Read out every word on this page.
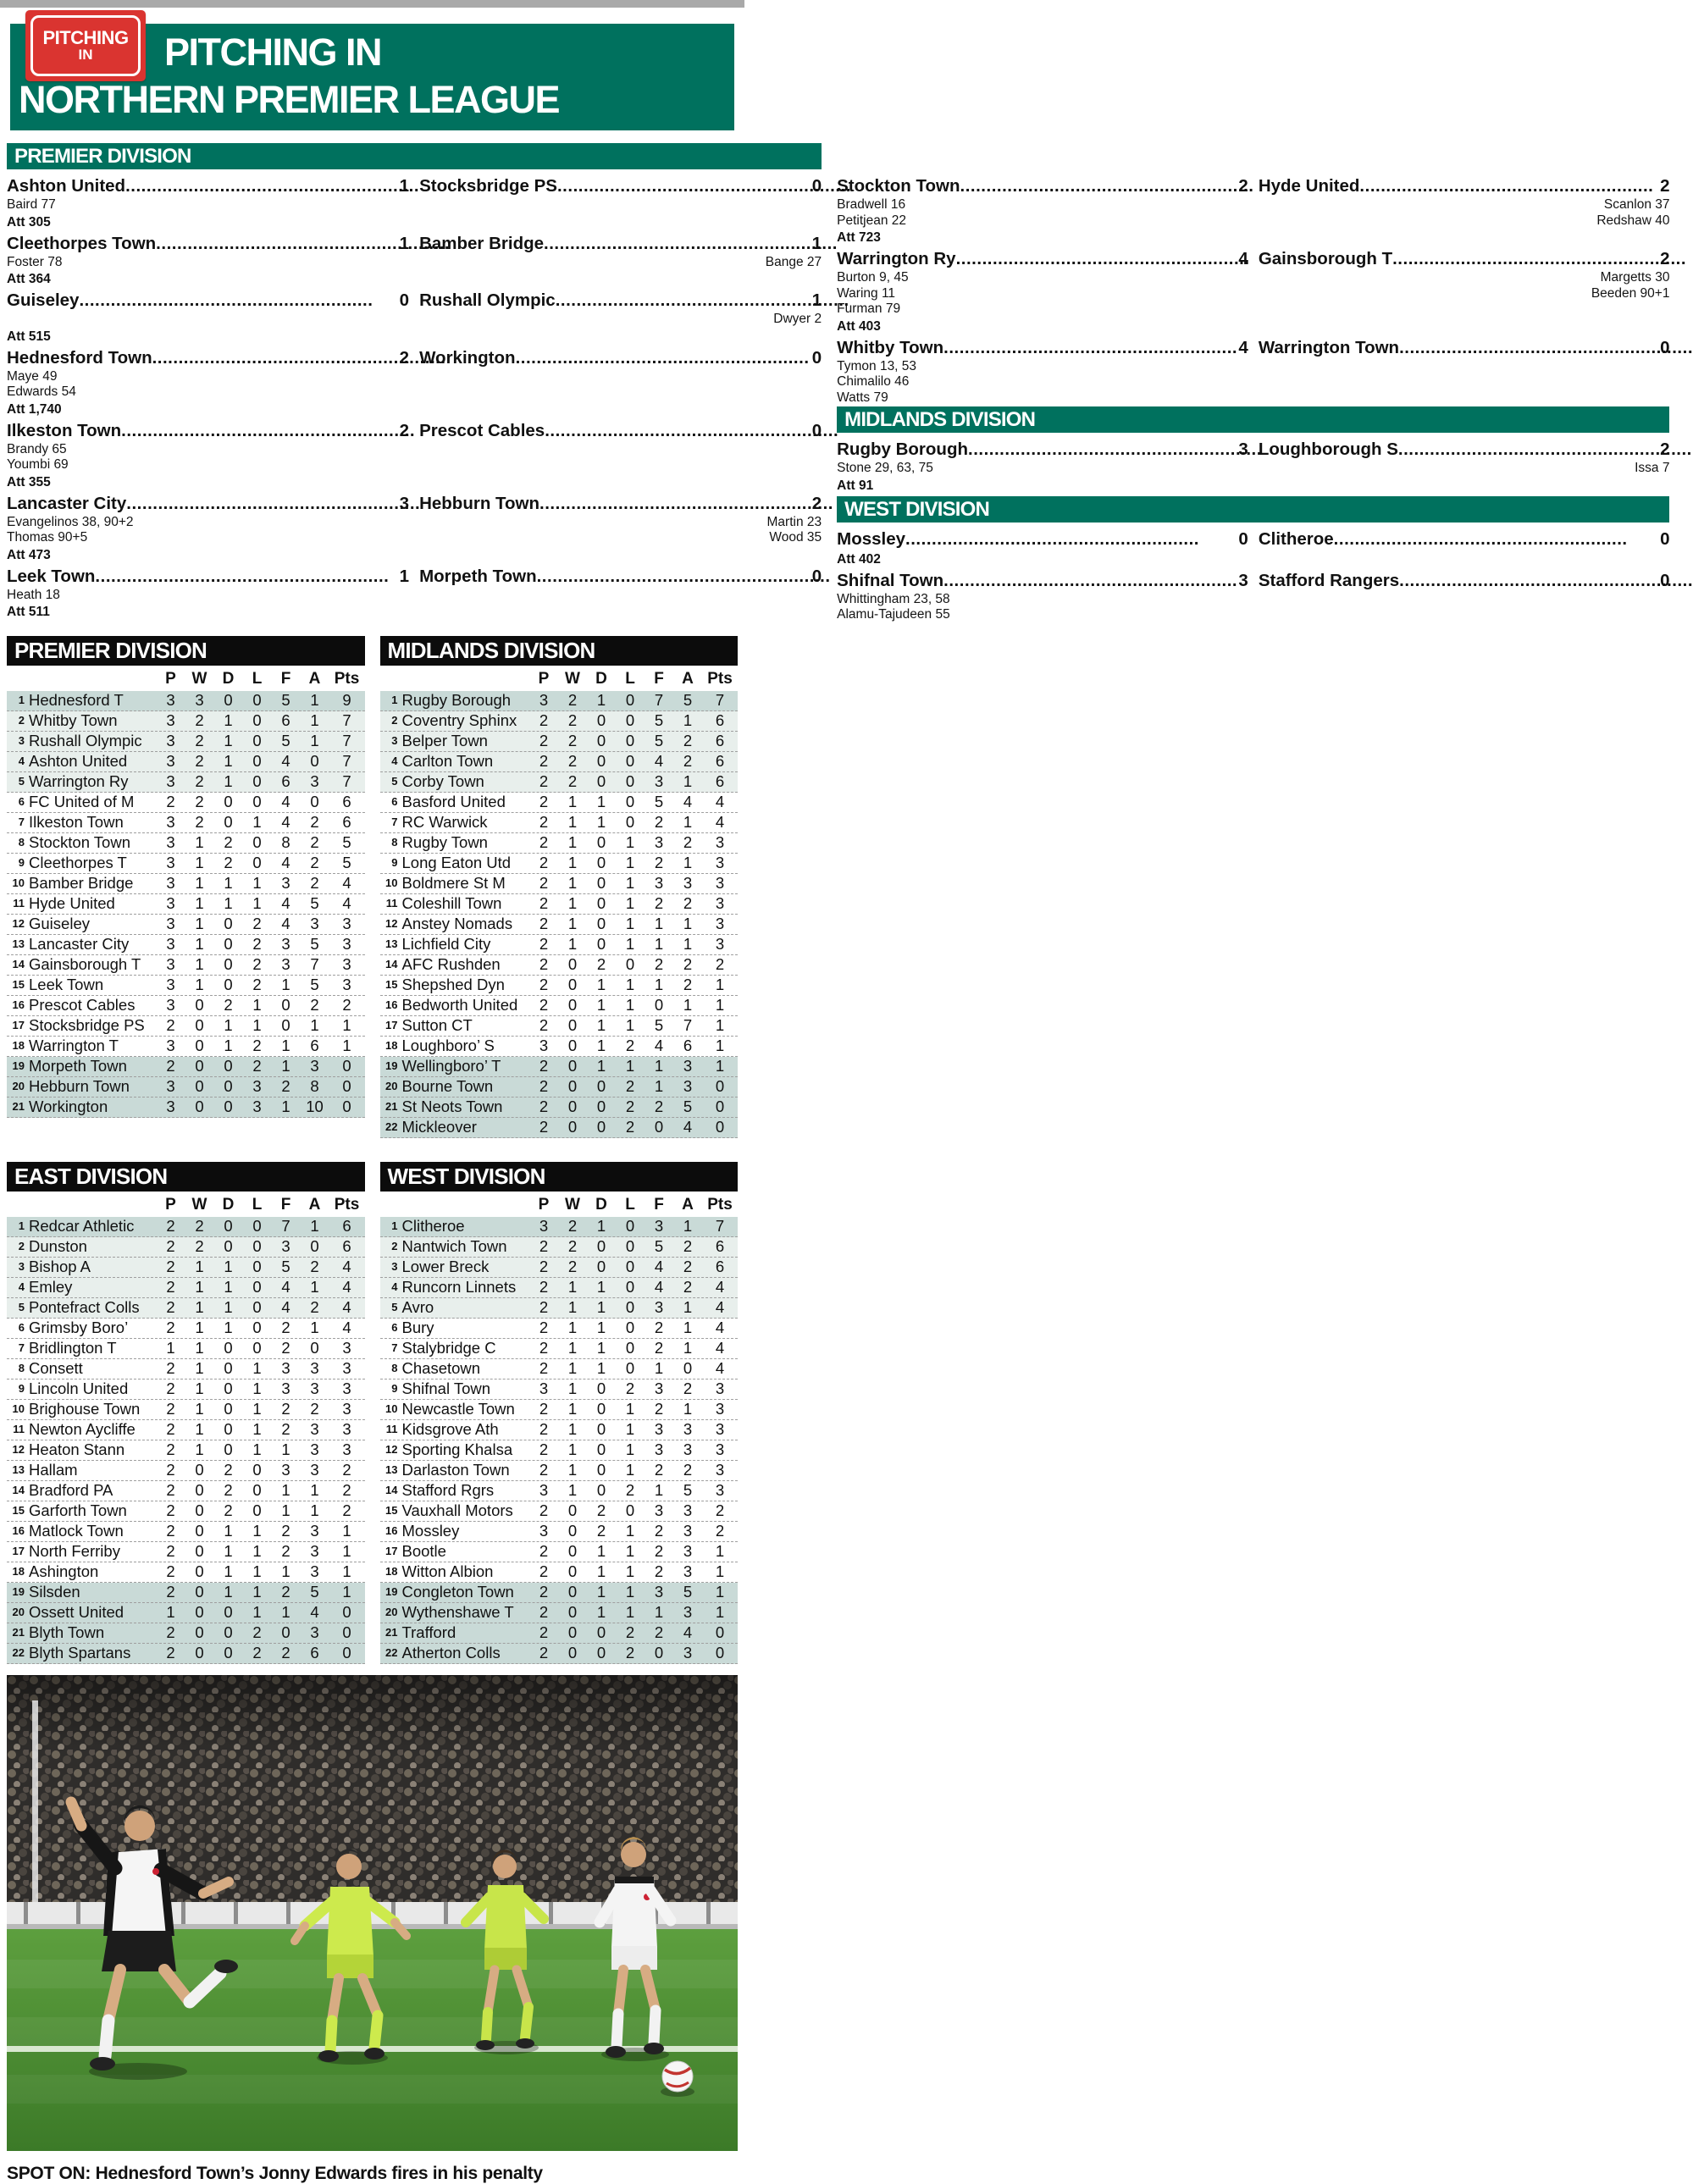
PITCHING
IN PITCHING IN
NORTHERN PREMIER LEAGUE
PREMIER DIVISION
Ashton United .....	1 Stocksbridge PS .....	0
Baird 77
Att 305
Cleethorpes Town .....	1 Bamber Bridge .....	1
Foster 78	Bange 27
Att 364
Guiseley .....	0 Rushall Olympic .....	1
Dwyer 2
Att 515
Hednesford Town .....	2 Workington .....	0
Maye 49
Edwards 54
Att 1,740
Ilkeston Town .....	2 Prescot Cables .....	0
Brandy 65
Youmbi 69
Att 355
Lancaster City .....	3 Hebburn Town .....	2
Evangelinos 38, 90+2
Thomas 90+5
Martin 23
Wood 35
Att 473
Leek Town .....	1 Morpeth Town .....	0
Heath 18
Att 511
Stockton Town .....	2 Hyde United .....	2
Bradwell 16
Petitjean 22
Scanlon 37
Redshaw 40
Att 723
Warrington Ry .....	4 Gainsborough T .....	2
Burton 9, 45
Waring 11
Furman 79
Margetts 30
Beeden 90+1
Att 403
Whitby Town .....	4 Warrington Town .....	0
Tymon 13, 53
Chimalilo 46
Watts 79
MIDLANDS DIVISION
Rugby Borough .....	3 Loughborough S .....	2
Stone 29, 63, 75	Issa 7
Att 91
WEST DIVISION
Mossley .....	0 Clitheroe .....	0
Att 402
Shifnal Town .....	3 Stafford Rangers .....	0
Whittingham 23, 58
Alamu-Tajudeen 55
PREMIER DIVISION
P W D	L	F	A Pts
1 Hednesford T	3	3	0	0	5	1	9
2 Whitby Town	3	2	1	0	6	1	7
3 Rushall Olympic	3	2	1	0	5	1	7
4 Ashton United	3	2	1	0	4	0	7
5 Warrington Ry	3	2	1	0	6	3	7
6 FC United of M	2	2	0	0	4	0	6
7 Ilkeston Town	3	2	0	1	4	2	6
8 Stockton Town	3	1	2	0	8	2	5
9 Cleethorpes T	3	1	2	0	4	2	5
10 Bamber Bridge	3	1	1	1	3	2	4
11 Hyde United	3	1	1	1	4	5	4
12 Guiseley	3	1	0	2	4	3	3
13 Lancaster City	3	1	0	2	3	5	3
14 Gainsborough T	3	1	0	2	3	7	3
15 Leek Town	3	1	0	2	1	5	3
16 Prescot Cables	3	0	2	1	0	2	2
17 Stocksbridge PS	2	0	1	1	0	1	1
18 Warrington T	3	0	1	2	1	6	1
19 Morpeth Town	2	0	0	2	1	3	0
20 Hebburn Town	3	0	0	3	2	8	0
21 Workington	3	0	0	3	1	10	0
MIDLANDS DIVISION
P W D	L	F	A Pts
1 Rugby Borough	3	2	1	0	7	5	7
2 Coventry Sphinx	2	2	0	0	5	1	6
3 Belper Town	2	2	0	0	5	2	6
4 Carlton Town	2	2	0	0	4	2	6
5 Corby Town	2	2	0	0	3	1	6
6 Basford United	2	1	1	0	5	4	4
7 RC Warwick	2	1	1	0	2	1	4
8 Rugby Town	2	1	0	1	3	2	3
9 Long Eaton Utd	2	1	0	1	2	1	3
10 Boldmere St M	2	1	0	1	3	3	3
11 Coleshill Town	2	1	0	1	2	2	3
12 Anstey Nomads	2	1	0	1	1	1	3
13 Lichfield City	2	1	0	1	1	1	3
14 AFC Rushden	2	0	2	0	2	2	2
15 Shepshed Dyn	2	0	1	1	1	2	1
16 Bedworth United	2	0	1	1	0	1	1
17 Sutton CT	2	0	1	1	5	7	1
18 Loughboro’ S	3	0	1	2	4	6	1
19 Wellingboro’ T	2	0	1	1	1	3	1
20 Bourne Town	2	0	0	2	1	3	0
21 St Neots Town	2	0	0	2	2	5	0
22 Mickleover	2	0	0	2	0	4	0
EAST DIVISION
P W D	L	F	A Pts
1 Redcar Athletic	2	2	0	0	7	1	6
2 Dunston	2	2	0	0	3	0	6
3 Bishop A	2	1	1	0	5	2	4
4 Emley	2	1	1	0	4	1	4
5 Pontefract Colls	2	1	1	0	4	2	4
6 Grimsby Boro’	2	1	1	0	2	1	4
7 Bridlington T	1	1	0	0	2	0	3
8 Consett	2	1	0	1	3	3	3
9 Lincoln United	2	1	0	1	3	3	3
10 Brighouse Town	2	1	0	1	2	2	3
11 Newton Aycliffe	2	1	0	1	2	3	3
12 Heaton Stann	2	1	0	1	1	3	3
13 Hallam	2	0	2	0	3	3	2
14 Bradford PA	2	0	2	0	1	1	2
15 Garforth Town	2	0	2	0	1	1	2
16 Matlock Town	2	0	1	1	2	3	1
17 North Ferriby	2	0	1	1	2	3	1
18 Ashington	2	0	1	1	1	3	1
19 Silsden	2	0	1	1	2	5	1
20 Ossett United	1	0	0	1	1	4	0
21 Blyth Town	2	0	0	2	0	3	0
22 Blyth Spartans	2	0	0	2	2	6	0
WEST DIVISION
P W D	L	F	A Pts
1 Clitheroe	3	2	1	0	3	1	7
2 Nantwich Town	2	2	0	0	5	2	6
3 Lower Breck	2	2	0	0	4	2	6
4 Runcorn Linnets	2	1	1	0	4	2	4
5 Avro	2	1	1	0	3	1	4
6 Bury	2	1	1	0	2	1	4
7 Stalybridge C	2	1	1	0	2	1	4
8 Chasetown	2	1	1	0	1	0	4
9 Shifnal Town	3	1	0	2	3	2	3
10 Newcastle Town	2	1	0	1	2	1	3
11 Kidsgrove Ath	2	1	0	1	3	3	3
12 Sporting Khalsa	2	1	0	1	3	3	3
13 Darlaston Town	2	1	0	1	2	2	3
14 Stafford Rgrs	3	1	0	2	1	5	3
15 Vauxhall Motors	2	0	2	0	3	3	2
16 Mossley	3	0	2	1	2	3	2
17 Bootle	2	0	1	1	2	3	1
18 Witton Albion	2	0	1	1	2	3	1
19 Congleton Town	2	0	1	1	3	5	1
20 Wythenshawe T	2	0	1	1	1	3	1
21 Trafford	2	0	0	2	2	4	0
22 Atherton Colls	2	0	0	2	0	3	0
SPOT ON: Hednesford Town’s Jonny Edwards fires in his penalty
